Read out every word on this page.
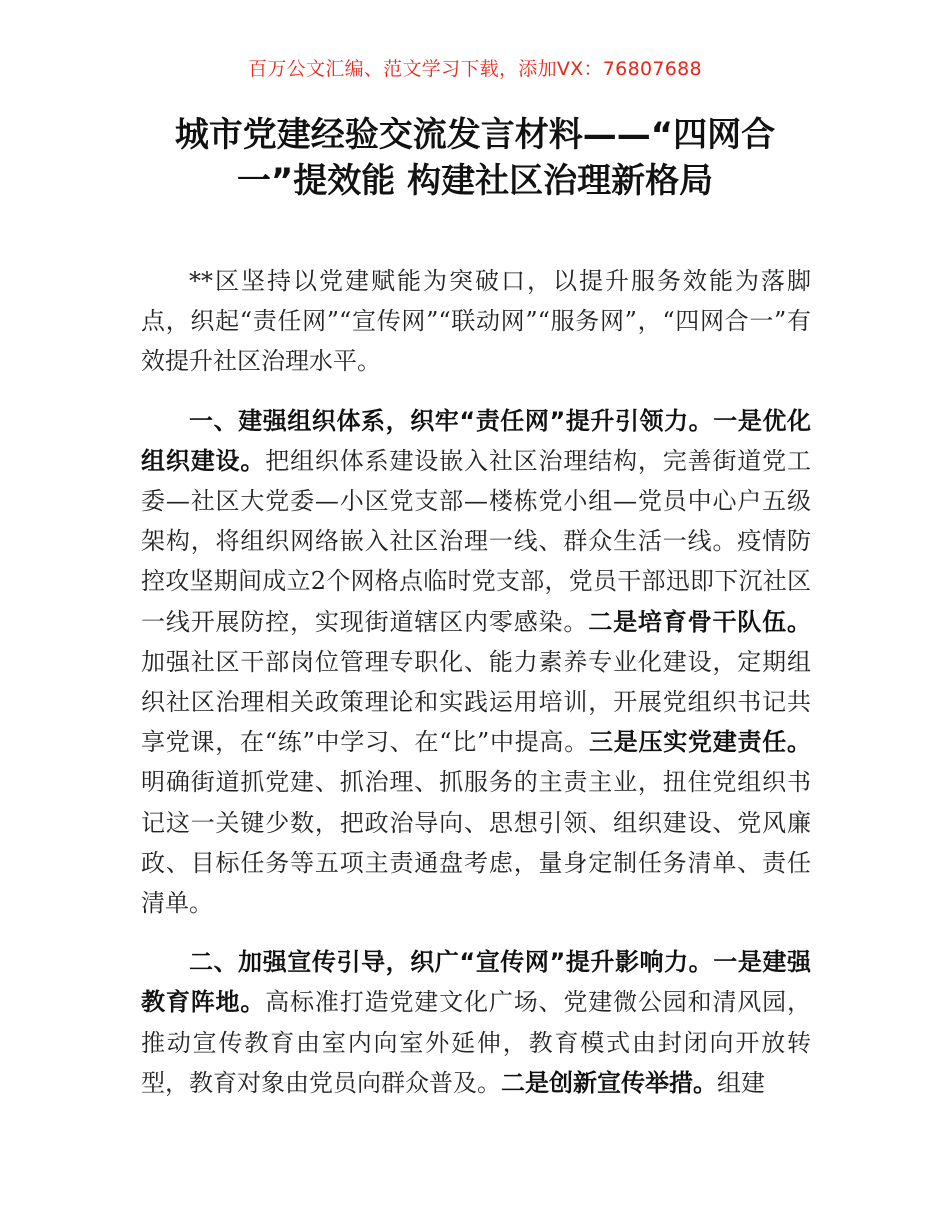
百万公文汇编、范文学习下载，添加VX：76807688
城市党建经验交流发言材料——“四网合
一”提效能 构建社区治理新格局

**区坚持以党建赋能为突破口，以提升服务效能为落脚点，织起“责任网”“宣传网”“联动网”“服务网”，“四网合一”有效提升社区治理水平。

一、建强组织体系，织牢“责任网”提升引领力。一是优化组织建设。把组织体系建设嵌入社区治理结构，完善街道党工委—社区大党委—小区党支部—楼栋党小组—党员中心户五级架构，将组织网络嵌入社区治理一线、群众生活一线。疫情防控攻坚期间成立2个网格点临时党支部，党员干部迅即下沉社区一线开展防控，实现街道辖区内零感染。二是培育骨干队伍。加强社区干部岗位管理专职化、能力素养专业化建设，定期组织社区治理相关政策理论和实践运用培训，开展党组织书记共享党课，在“练”中学习、在“比”中提高。三是压实党建责任。明确街道抓党建、抓治理、抓服务的主责主业，扭住党组织书记这一关键少数，把政治导向、思想引领、组织建设、党风廉政、目标任务等五项主责通盘考虑，量身定制任务清单、责任清单。

二、加强宣传引导，织广“宣传网”提升影响力。一是建强教育阵地。高标准打造党建文化广场、党建微公园和清风园，推动宣传教育由室内向室外延伸，教育模式由封闭向开放转型，教育对象由党员向群众普及。二是创新宣传举措。组建
